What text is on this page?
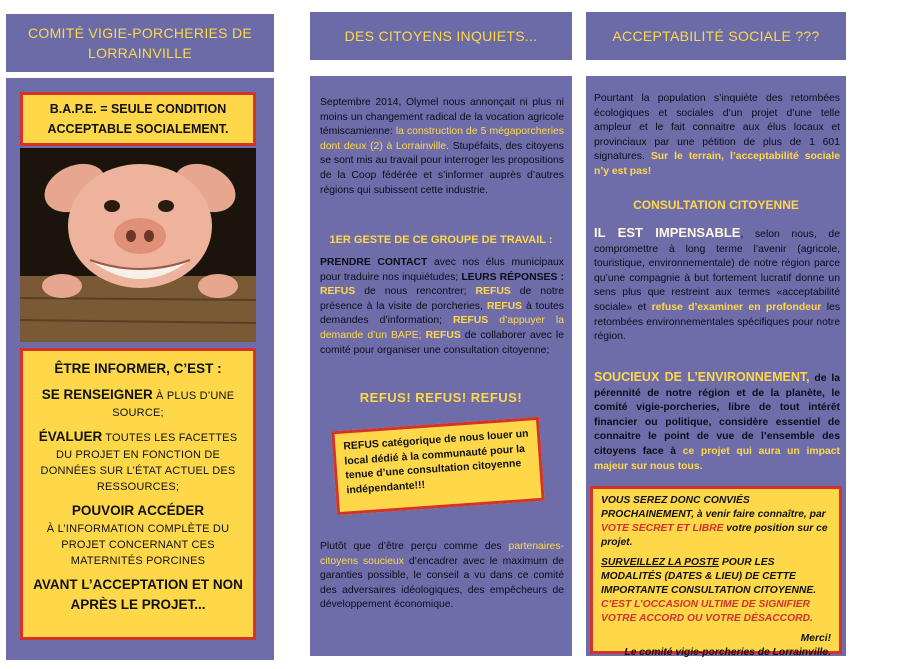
COMITÉ VIGIE-PORCHERIES DE LORRAINVILLE
B.A.P.E. = SEULE CONDITION ACCEPTABLE SOCIALEMENT.

ÊTRE INFORMER, C’EST :

SE RENSEIGNER À PLUS D’UNE SOURCE;

ÉVALUER TOUTES LES FACETTES DU PROJET EN FONCTION DE DONNÉES SUR L’ÉTAT ACTUEL DES RESSOURCES;

POUVOIR ACCÉDER
À L’INFORMATION COMPLÈTE DU PROJET CONCERNANT CES MATERNITÉS PORCINES

AVANT L’ACCEPTATION ET NON APRÈS LE PROJET...

DES CITOYENS INQUIETS...
Septembre 2014, Olymel nous annonçait ni plus ni moins un changement radical de la vocation agricole témiscamienne: la construction de 5 mégaporcheries dont deux (2) à Lorrainville. Stupéfaits, des citoyens se sont mis au travail pour interroger les propositions de la Coop fédérée et s’informer auprès d’autres régions qui subissent cette industrie.
1ER GESTE DE CE GROUPE DE TRAVAIL :
PRENDRE CONTACT avec nos élus municipaux pour traduire nos inquiétudes; LEURS RÉPONSES : REFUS de nous rencontrer; REFUS de notre présence à la visite de porcheries, REFUS à toutes demandes d’information; REFUS d’appuyer la demande d’un BAPE; REFUS de collaborer avec le comité pour organiser une consultation citoyenne;
REFUS! REFUS! REFUS!
REFUS catégorique de nous louer un local dédié à la communauté pour la tenue d’une consultation citoyenne indépendante!!!
Plutôt que d’être perçu comme des partenaires-citoyens soucieux d’encadrer avec le maximum de garanties possible, le conseil a vu dans ce comité des adversaires idéologiques, des empêcheurs de développement économique.
ACCEPTABILITÉ SOCIALE ???
Pourtant la population s’inquiète des retombées écologiques et sociales d’un projet d’une telle ampleur et le fait connaitre aux élus locaux et provinciaux par une pétition de plus de 1 601 signatures. Sur le terrain, l’acceptabilité sociale n’y est pas!
CONSULTATION CITOYENNE
IL EST IMPENSABLE, selon nous, de compromettre à long terme l’avenir (agricole, touristique, environnementale) de notre région parce qu’une compagnie à but fortement lucratif donne un sens plus que restreint aux termes «acceptabilité sociale» et refuse d’examiner en profondeur les retombées environnementales spécifiques pour notre région.
SOUCIEUX DE L’ENVIRONNEMENT, de la pérennité de notre région et de la planète, le comité vigie-porcheries, libre de tout intérêt financier ou politique, considère essentiel de connaitre le point de vue de l’ensemble des citoyens face à ce projet qui aura un impact majeur sur nous tous.

VOUS SEREZ DONC CONVIÉS PROCHAINEMENT, à venir faire connaître, par VOTE SECRET ET LIBRE votre position sur ce projet.

SURVEILLEZ LA POSTE POUR LES MODALITÉS (DATES & LIEU) DE CETTE IMPORTANTE CONSULTATION CITOYENNE. C’EST L’OCCASION ULTIME DE SIGNIFIER VOTRE ACCORD OU VOTRE DÉSACCORD.

Merci!
Le comité vigie-porcheries de Lorrainville.
